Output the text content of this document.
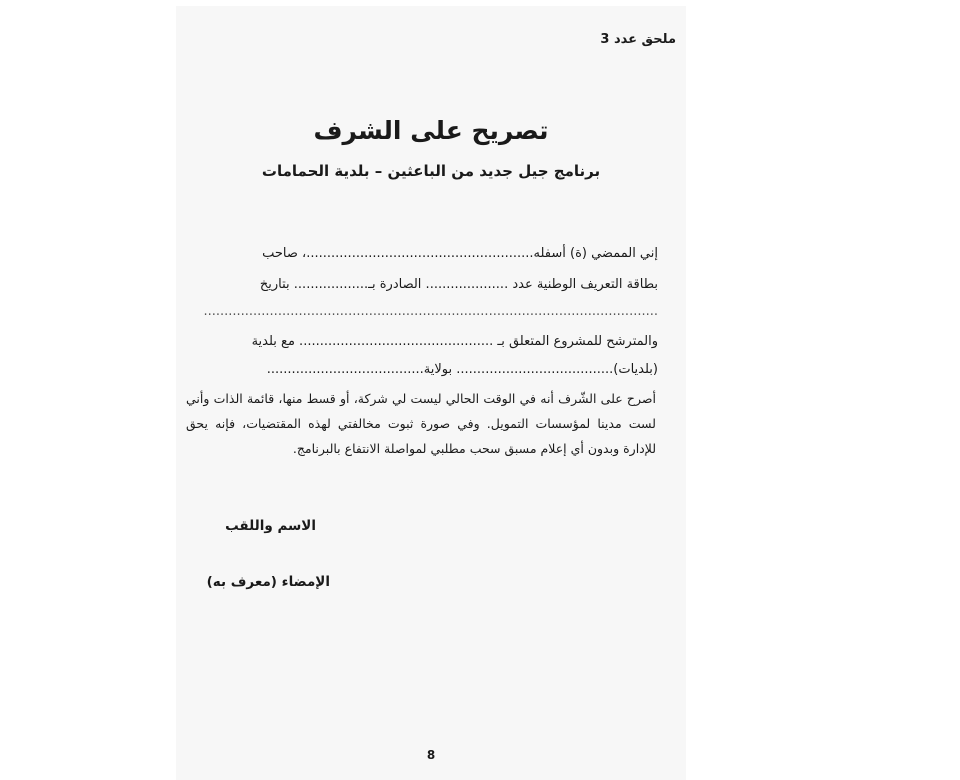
ملحق عدد 3
تصريح على الشرف
برنامج جيل جديد من الباعثين – بلدية الحمامات
إني الممضي (ة) أسفله.......................................................، صاحب
بطاقة التعريف الوطنية عدد .................... الصادرة بـ.................. بتاريخ
..............................................................................................................
والمترشح للمشروع المتعلق بـ ............................................... مع بلدية
(بلديات)...................................... بولاية......................................
أصرح على الشّرف أنه في الوقت الحالي ليست لي شركة، أو قسط منها، قائمة الذات وأني لست مدينا لمؤسسات التمويل. وفي صورة ثبوت مخالفتي لهذه المقتضيات، فإنه يحق للإدارة وبدون أي إعلام مسبق سحب مطلبي لمواصلة الانتفاع بالبرنامج.
الاسم واللقب
الإمضاء (معرف به)
8
